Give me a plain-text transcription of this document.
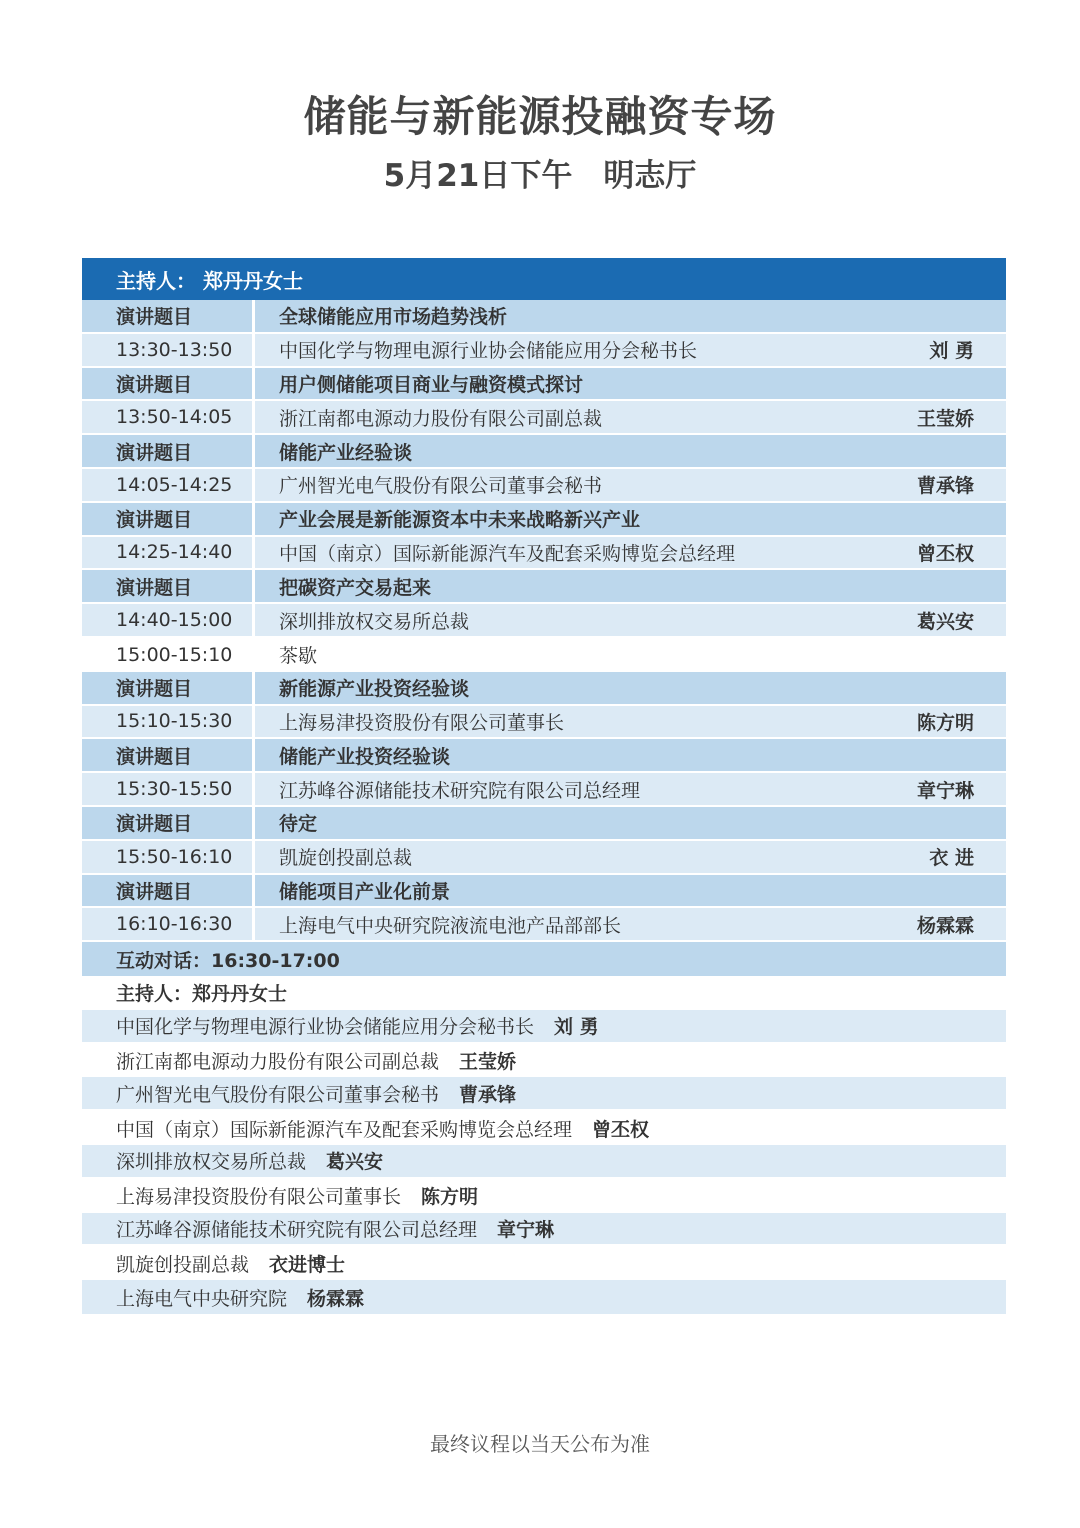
储能与新能源投融资专场
5月21日下午　明志厅
主持人： 郑丹丹女士
演讲题目	全球储能应用市场趋势浅析
13:30-13:50	中国化学与物理电源行业协会储能应用分会秘书长	刘 勇
演讲题目	用户侧储能项目商业与融资模式探讨
13:50-14:05	浙江南都电源动力股份有限公司副总裁	王莹娇
演讲题目	储能产业经验谈
14:05-14:25	广州智光电气股份有限公司董事会秘书	曹承锋
演讲题目	产业会展是新能源资本中未来战略新兴产业
14:25-14:40	中国（南京）国际新能源汽车及配套采购博览会总经理	曾丕权
演讲题目	把碳资产交易起来
14:40-15:00	深圳排放权交易所总裁	葛兴安
15:00-15:10	茶歇
演讲题目	新能源产业投资经验谈
15:10-15:30	上海易津投资股份有限公司董事长	陈方明
演讲题目	储能产业投资经验谈
15:30-15:50	江苏峰谷源储能技术研究院有限公司总经理	章宁琳
演讲题目	待定
15:50-16:10	凯旋创投副总裁	衣 进
演讲题目	储能项目产业化前景
16:10-16:30	上海电气中央研究院液流电池产品部部长	杨霖霖
互动对话：16:30-17:00
主持人：郑丹丹女士
中国化学与物理电源行业协会储能应用分会秘书长 刘 勇
浙江南都电源动力股份有限公司副总裁 王莹娇
广州智光电气股份有限公司董事会秘书 曹承锋
中国（南京）国际新能源汽车及配套采购博览会总经理 曾丕权
深圳排放权交易所总裁 葛兴安
上海易津投资股份有限公司董事长 陈方明
江苏峰谷源储能技术研究院有限公司总经理 章宁琳
凯旋创投副总裁 衣进博士
上海电气中央研究院 杨霖霖
最终议程以当天公布为准
